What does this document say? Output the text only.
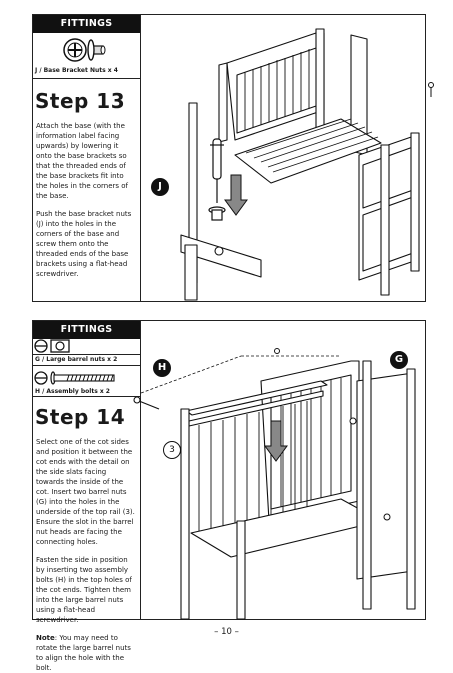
FITTINGS
J / Base Bracket Nuts x 4
Step 13

Attach the base (with the information label facing upwards) by lowering it onto the base brackets so that the threaded ends of the base brackets fit into the holes in the corners of the base.

Push the base bracket nuts (J) into the holes in the corners of the base and screw them onto the threaded ends of the base brackets using a flat-head screwdriver.

J
FITTINGS
G / Large barrel nuts x 2
H / Assembly bolts x 2
Step 14

Select one of the cot sides and position it between the cot ends with the detail on the side slats facing towards the inside of the cot. Insert two barrel nuts (G) into the holes in the underside of the top rail (3). Ensure the slot in the barrel nut heads are facing the connecting holes.

Fasten the side in position by inserting two assembly bolts (H) in the top holes of the cot ends. Tighten them into the large barrel nuts using a flat-head screwdriver.

Note: You may need to rotate the large barrel nuts to align the hole with the bolt.

H
G
3
– 10 –
